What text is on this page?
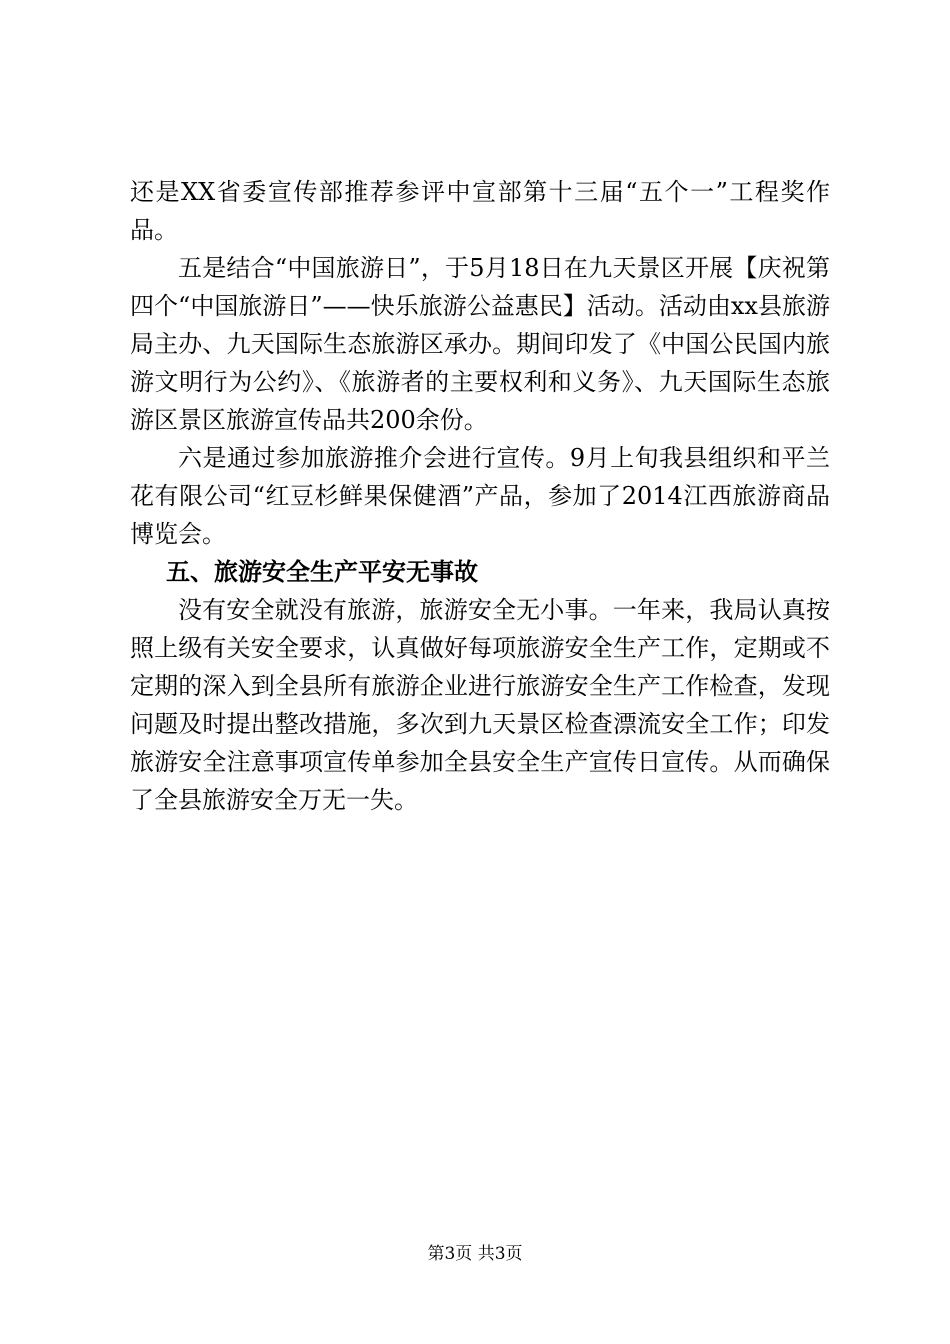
还是XX省委宣传部推荐参评中宣部第十三届“五个一”工程奖作品。

五是结合“中国旅游日”，于5月18日在九天景区开展【庆祝第四个“中国旅游日”——快乐旅游公益惠民】活动。活动由xx县旅游局主办、九天国际生态旅游区承办。期间印发了《中国公民国内旅游文明行为公约》、《旅游者的主要权利和义务》、九天国际生态旅游区景区旅游宣传品共200余份。

六是通过参加旅游推介会进行宣传。9月上旬我县组织和平兰花有限公司“红豆杉鲜果保健酒”产品，参加了2014江西旅游商品博览会。

五、旅游安全生产平安无事故

没有安全就没有旅游，旅游安全无小事。一年来，我局认真按照上级有关安全要求，认真做好每项旅游安全生产工作，定期或不定期的深入到全县所有旅游企业进行旅游安全生产工作检查，发现问题及时提出整改措施，多次到九天景区检查漂流安全工作；印发旅游安全注意事项宣传单参加全县安全生产宣传日宣传。从而确保了全县旅游安全万无一失。

第3页 共3页
